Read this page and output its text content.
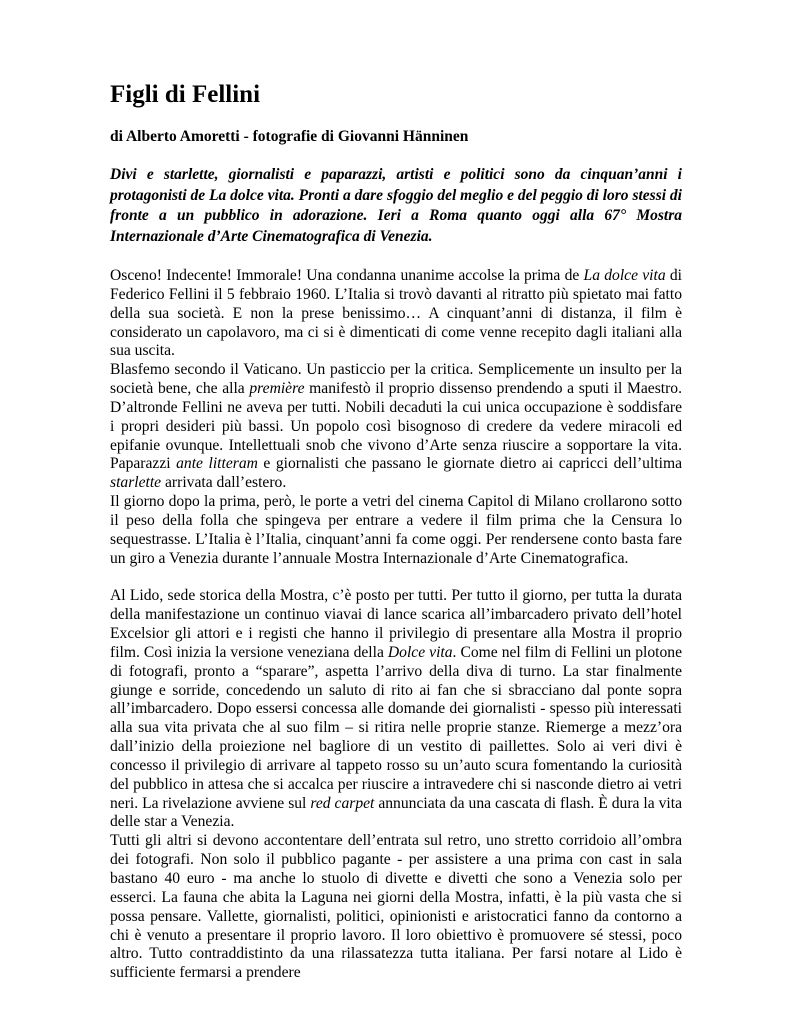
Figli di Fellini
di Alberto Amoretti - fotografie di Giovanni Hänninen
Divi e starlette, giornalisti e paparazzi, artisti e politici sono da cinquan’anni i protagonisti de La dolce vita. Pronti a dare sfoggio del meglio e del peggio di loro stessi di fronte a un pubblico in adorazione. Ieri a Roma quanto oggi alla 67° Mostra Internazionale d’Arte Cinematografica di Venezia.

Osceno! Indecente! Immorale! Una condanna unanime accolse la prima de La dolce vita di Federico Fellini il 5 febbraio 1960. L’Italia si trovò davanti al ritratto più spietato mai fatto della sua società. E non la prese benissimo… A cinquant’anni di distanza, il film è considerato un capolavoro, ma ci si è dimenticati di come venne recepito dagli italiani alla sua uscita.

Blasfemo secondo il Vaticano. Un pasticcio per la critica. Semplicemente un insulto per la società bene, che alla première manifestò il proprio dissenso prendendo a sputi il Maestro. D’altronde Fellini ne aveva per tutti. Nobili decaduti la cui unica occupazione è soddisfare i propri desideri più bassi. Un popolo così bisognoso di credere da vedere miracoli ed epifanie ovunque. Intellettuali snob che vivono d’Arte senza riuscire a sopportare la vita. Paparazzi ante litteram e giornalisti che passano le giornate dietro ai capricci dell’ultima starlette arrivata dall’estero.

Il giorno dopo la prima, però, le porte a vetri del cinema Capitol di Milano crollarono sotto il peso della folla che spingeva per entrare a vedere il film prima che la Censura lo sequestrasse. L’Italia è l’Italia, cinquant’anni fa come oggi. Per rendersene conto basta fare un giro a Venezia durante l’annuale Mostra Internazionale d’Arte Cinematografica.

Al Lido, sede storica della Mostra, c’è posto per tutti. Per tutto il giorno, per tutta la durata della manifestazione un continuo viavai di lance scarica all’imbarcadero privato dell’hotel Excelsior gli attori e i registi che hanno il privilegio di presentare alla Mostra il proprio film. Così inizia la versione veneziana della Dolce vita. Come nel film di Fellini un plotone di fotografi, pronto a “sparare”, aspetta l’arrivo della diva di turno. La star finalmente giunge e sorride, concedendo un saluto di rito ai fan che si sbracciano dal ponte sopra all’imbarcadero. Dopo essersi concessa alle domande dei giornalisti - spesso più interessati alla sua vita privata che al suo film – si ritira nelle proprie stanze. Riemerge a mezz’ora dall’inizio della proiezione nel bagliore di un vestito di paillettes. Solo ai veri divi è concesso il privilegio di arrivare al tappeto rosso su un’auto scura fomentando la curiosità del pubblico in attesa che si accalca per riuscire a intravedere chi si nasconde dietro ai vetri neri. La rivelazione avviene sul red carpet annunciata da una cascata di flash. È dura la vita delle star a Venezia.

Tutti gli altri si devono accontentare dell’entrata sul retro, uno stretto corridoio all’ombra dei fotografi. Non solo il pubblico pagante - per assistere a una prima con cast in sala bastano 40 euro - ma anche lo stuolo di divette e divetti che sono a Venezia solo per esserci. La fauna che abita la Laguna nei giorni della Mostra, infatti, è la più vasta che si possa pensare. Vallette, giornalisti, politici, opinionisti e aristocratici fanno da contorno a chi è venuto a presentare il proprio lavoro. Il loro obiettivo è promuovere sé stessi, poco altro. Tutto contraddistinto da una rilassatezza tutta italiana. Per farsi notare al Lido è sufficiente fermarsi a prendere
